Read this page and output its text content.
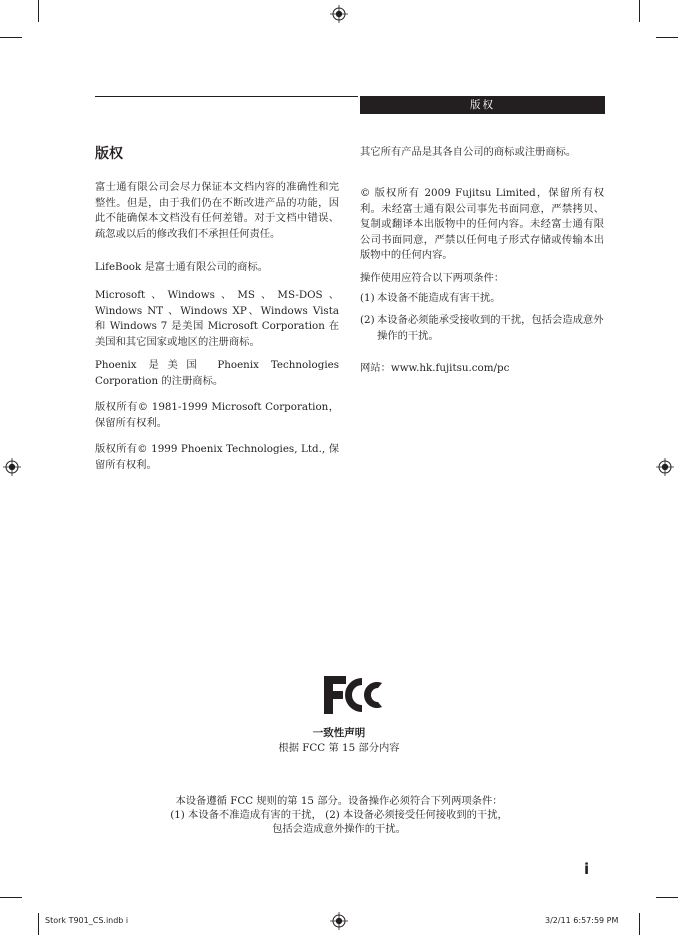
版权
版权

富士通有限公司会尽力保证本文档内容的准确性和完整性。但是，由于我们仍在不断改进产品的功能，因此不能确保本文档没有任何差错。对于文档中错误、疏忽或以后的修改我们不承担任何责任。

LifeBook 是富士通有限公司的商标。

Microsoft、Windows、MS、MS-DOS、Windows NT 、Windows XP、Windows Vista 和 Windows 7 是美国 Microsoft Corporation 在美国和其它国家或地区的注册商标。

Phoenix 是美国 Phoenix Technologies Corporation 的注册商标。

版权所有© 1981-1999 Microsoft Corporation，保留所有权利。

版权所有© 1999 Phoenix Technologies, Ltd., 保留所有权利。

其它所有产品是其各自公司的商标或注册商标。

© 版权所有 2009 Fujitsu Limited，保留所有权利。未经富士通有限公司事先书面同意，严禁拷贝、复制或翻译本出版物中的任何内容。未经富士通有限公司书面同意，严禁以任何电子形式存储或传输本出版物中的任何内容。

操作使用应符合以下两项条件：

(1) 本设备不能造成有害干扰。
(2) 本设备必须能承受接收到的干扰，包括会造成意外操作的干扰。

网站：www.hk.fujitsu.com/pc

一致性声明
根据 FCC 第 15 部分内容
本设备遵循 FCC 规则的第 15 部分。设备操作必须符合下列两项条件：
(1) 本设备不准造成有害的干扰， (2) 本设备必须接受任何接收到的干扰，
包括会造成意外操作的干扰。
i
Stork T901_CS.indb i	3/2/11 6:57:59 PM
